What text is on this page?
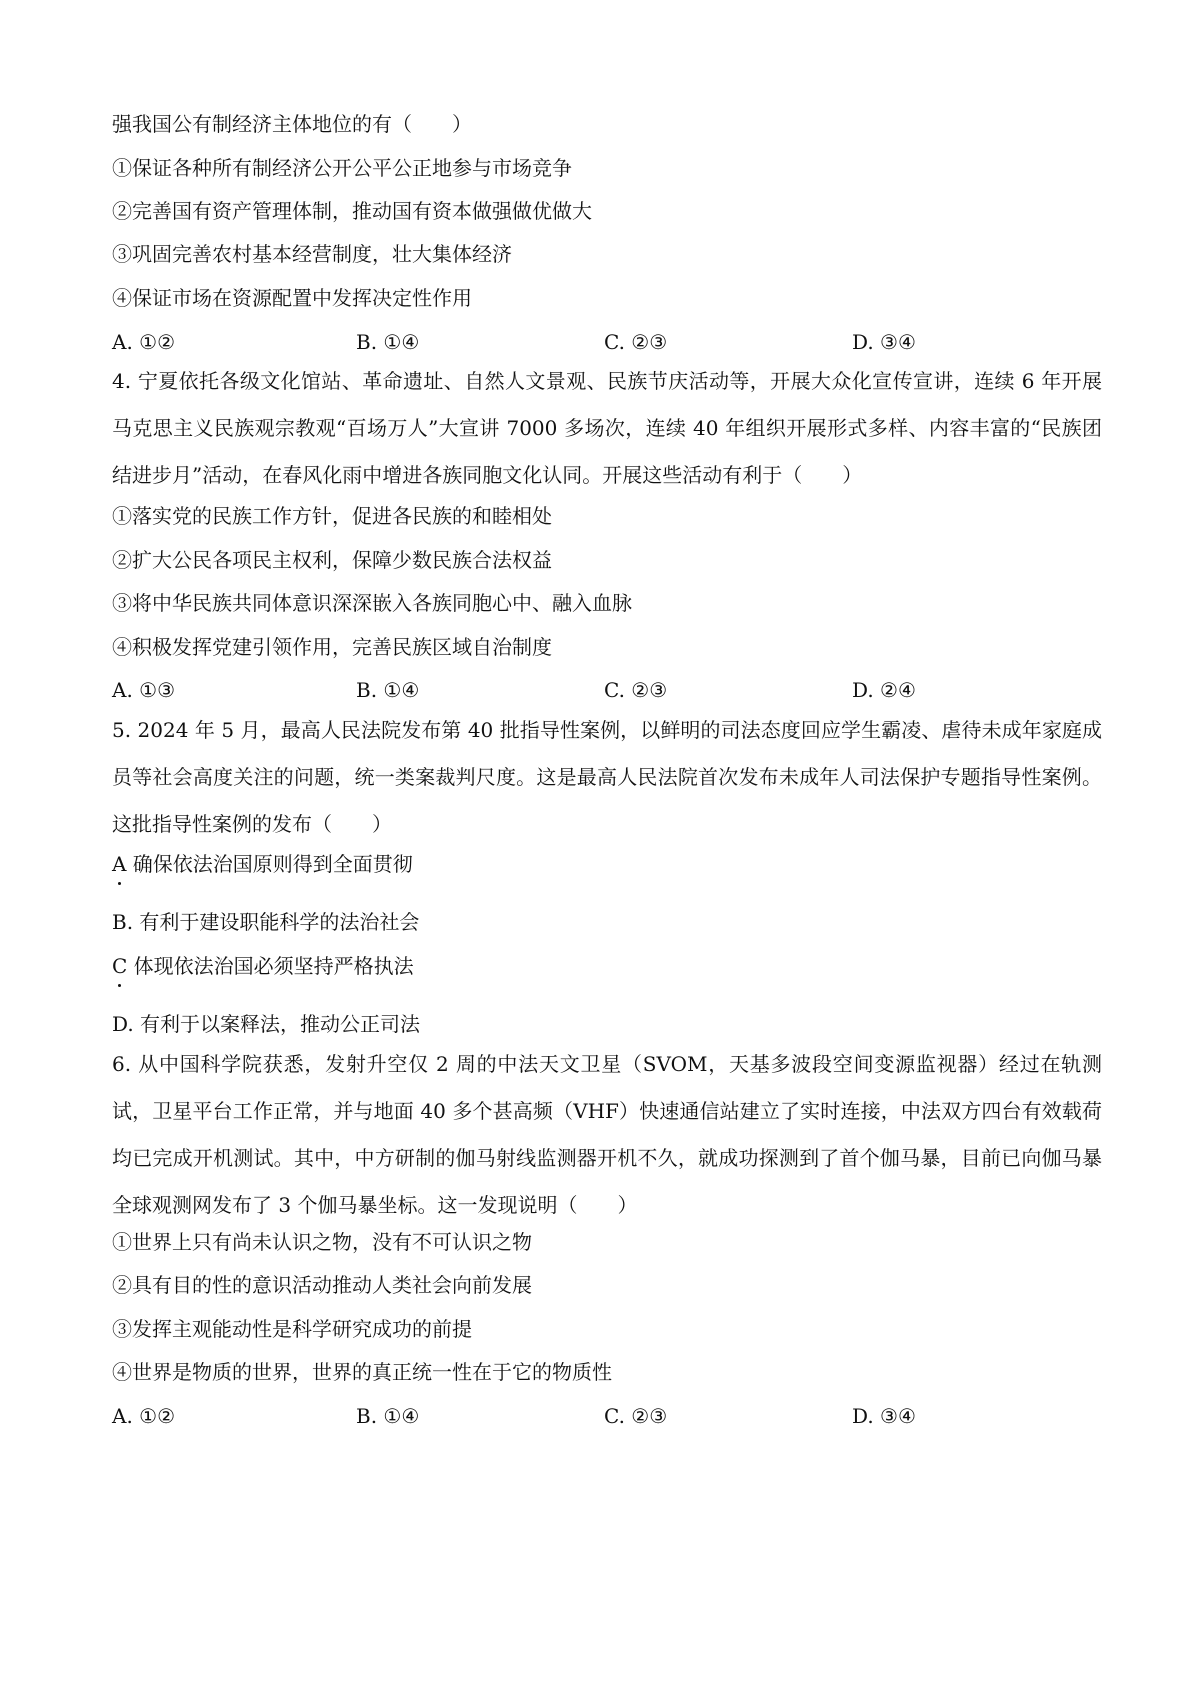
强我国公有制经济主体地位的有（　　）
①保证各种所有制经济公开公平公正地参与市场竞争
②完善国有资产管理体制，推动国有资本做强做优做大
③巩固完善农村基本经营制度，壮大集体经济
④保证市场在资源配置中发挥决定性作用
A. ①②	B. ①④	C. ②③	D. ③④
4. 宁夏依托各级文化馆站、革命遗址、自然人文景观、民族节庆活动等，开展大众化宣传宣讲，连续 6 年开展马克思主义民族观宗教观“百场万人”大宣讲 7000 多场次，连续 40 年组织开展形式多样、内容丰富的“民族团结进步月”活动，在春风化雨中增进各族同胞文化认同。开展这些活动有利于（　　）
①落实党的民族工作方针，促进各民族的和睦相处
②扩大公民各项民主权利，保障少数民族合法权益
③将中华民族共同体意识深深嵌入各族同胞心中、融入血脉
④积极发挥党建引领作用，完善民族区域自治制度
A. ①③	B. ①④	C. ②③	D. ②④
5. 2024 年 5 月，最高人民法院发布第 40 批指导性案例，以鲜明的司法态度回应学生霸凌、虐待未成年家庭成员等社会高度关注的问题，统一类案裁判尺度。这是最高人民法院首次发布未成年人司法保护专题指导性案例。这批指导性案例的发布（　　）
A 确保依法治国原则得到全面贯彻
B. 有利于建设职能科学的法治社会
C 体现依法治国必须坚持严格执法
D. 有利于以案释法，推动公正司法
6. 从中国科学院获悉，发射升空仅 2 周的中法天文卫星（SVOM，天基多波段空间变源监视器）经过在轨测试，卫星平台工作正常，并与地面 40 多个甚高频（VHF）快速通信站建立了实时连接，中法双方四台有效载荷均已完成开机测试。其中，中方研制的伽马射线监测器开机不久，就成功探测到了首个伽马暴，目前已向伽马暴全球观测网发布了 3 个伽马暴坐标。这一发现说明（　　）
①世界上只有尚未认识之物，没有不可认识之物
②具有目的性的意识活动推动人类社会向前发展
③发挥主观能动性是科学研究成功的前提
④世界是物质的世界，世界的真正统一性在于它的物质性
A. ①②	B. ①④	C. ②③	D. ③④
